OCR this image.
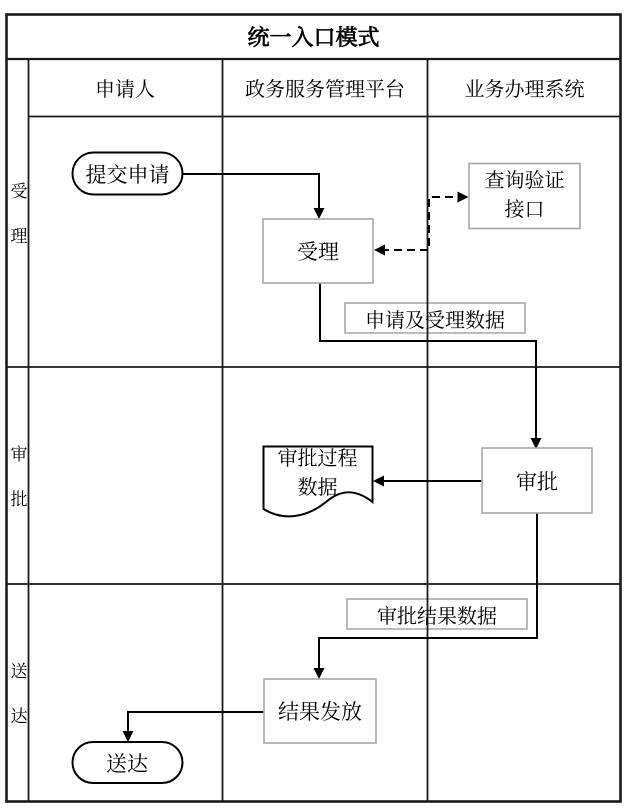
统一入口模式
申请人	政务服务管理平台	业务办理系统
受理
审批
送达
提交申请
受理
查询验证
接口
申请及受理数据
审批
审批过程
数据
审批结果数据
结果发放
送达
